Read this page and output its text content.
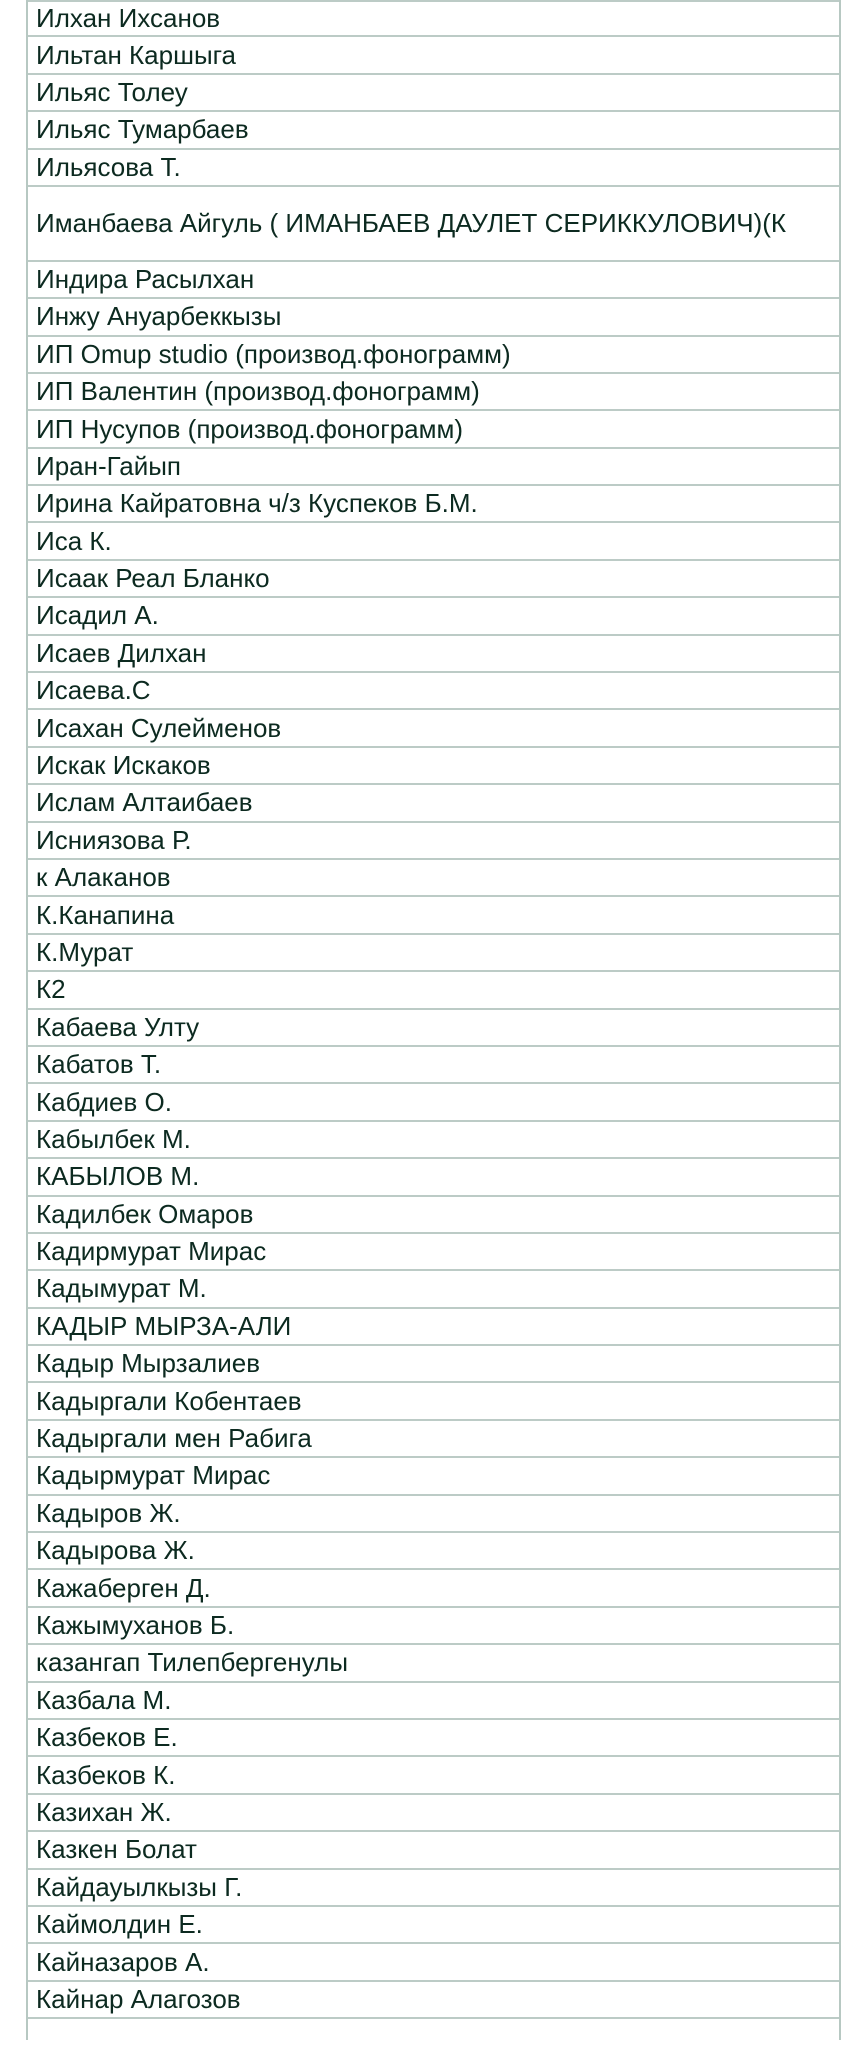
Илхан Ихсанов
Ильтан Каршыга
Ильяс Толеу
Ильяс Тумарбаев
Ильясова Т.
Иманбаева Айгуль ( ИМАНБАЕВ ДАУЛЕТ СЕРИККУЛОВИЧ)(К
Индира Расылхан
Инжу Ануарбеккызы
ИП Omup studio (производ.фонограмм)
ИП Валентин (производ.фонограмм)
ИП Нусупов (производ.фонограмм)
Иран-Гайып
Ирина Кайратовна ч/з Куспеков Б.М.
Иса К.
Исаак Реал Бланко
Исадил А.
Исаев Дилхан
Исаева.С
Исахан Сулейменов
Искак Искаков
Ислам Алтаибаев
Исниязова Р.
к Алаканов
К.Канапина
К.Мурат
К2
Кабаева Улту
Кабатов Т.
Кабдиев О.
Кабылбек М.
КАБЫЛОВ М.
Кадилбек Омаров
Кадирмурат Мирас
Кадымурат М.
КАДЫР МЫРЗА-АЛИ
Кадыр Мырзалиев
Кадыргали Кобентаев
Кадыргали мен Рабига
Кадырмурат Мирас
Кадыров Ж.
Кадырова Ж.
Кажаберген Д.
Кажымуханов Б.
казангап Тилепбергенулы
Казбала М.
Казбеков Е.
Казбеков К.
Казихан Ж.
Казкен Болат
Кайдауылкызы Г.
Каймолдин Е.
Кайназаров А.
Кайнар Алагозов
